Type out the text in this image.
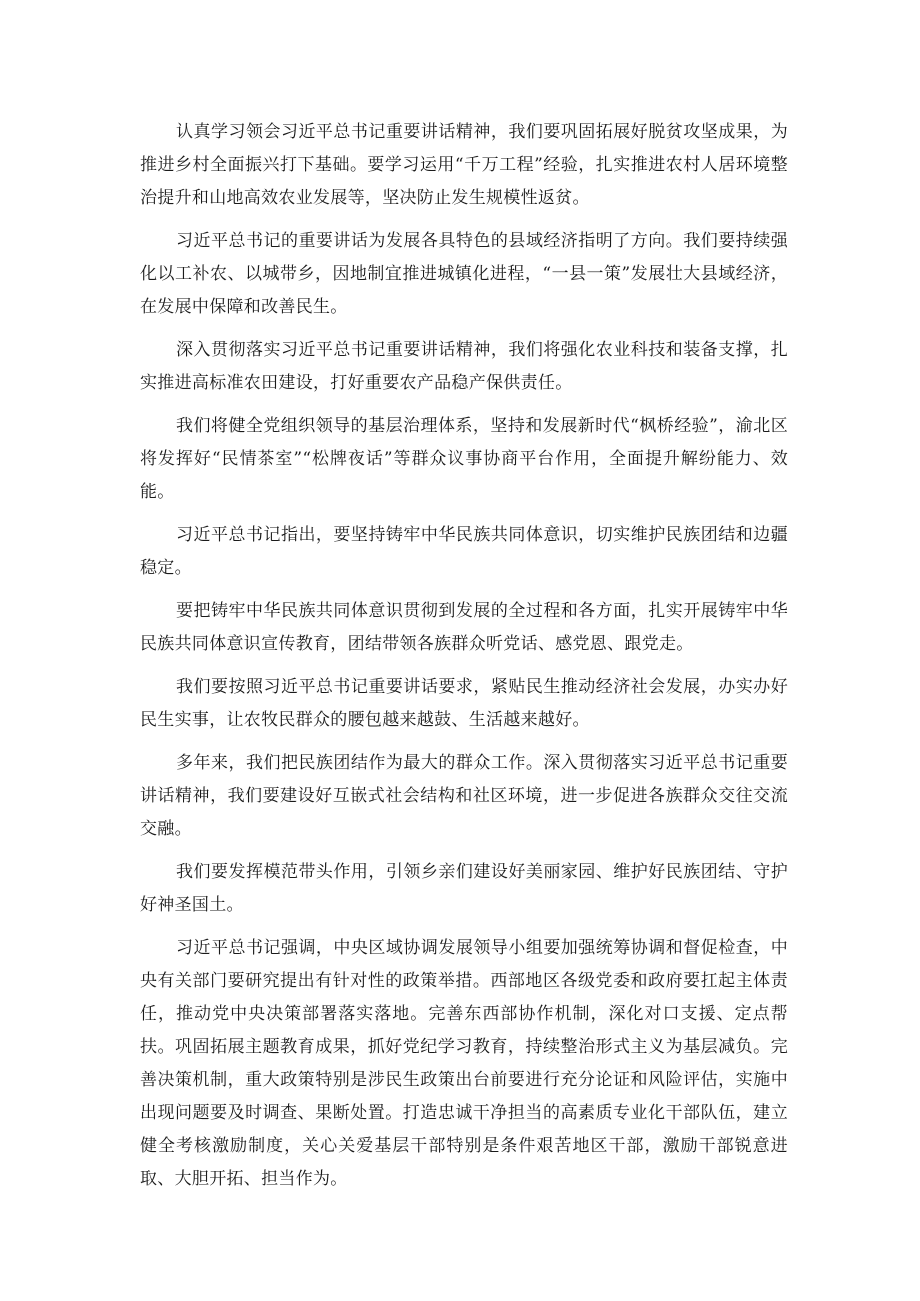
认真学习领会习近平总书记重要讲话精神，我们要巩固拓展好脱贫攻坚成果，为推进乡村全面振兴打下基础。要学习运用“千万工程”经验，扎实推进农村人居环境整治提升和山地高效农业发展等，坚决防止发生规模性返贫。

习近平总书记的重要讲话为发展各具特色的县域经济指明了方向。我们要持续强化以工补农、以城带乡，因地制宜推进城镇化进程，“一县一策”发展壮大县域经济，在发展中保障和改善民生。

深入贯彻落实习近平总书记重要讲话精神，我们将强化农业科技和装备支撑，扎实推进高标准农田建设，打好重要农产品稳产保供责任。

我们将健全党组织领导的基层治理体系，坚持和发展新时代“枫桥经验”，渝北区将发挥好“民情茶室”“松牌夜话”等群众议事协商平台作用，全面提升解纷能力、效能。

习近平总书记指出，要坚持铸牢中华民族共同体意识，切实维护民族团结和边疆稳定。

要把铸牢中华民族共同体意识贯彻到发展的全过程和各方面，扎实开展铸牢中华民族共同体意识宣传教育，团结带领各族群众听党话、感党恩、跟党走。

我们要按照习近平总书记重要讲话要求，紧贴民生推动经济社会发展，办实办好民生实事，让农牧民群众的腰包越来越鼓、生活越来越好。

多年来，我们把民族团结作为最大的群众工作。深入贯彻落实习近平总书记重要讲话精神，我们要建设好互嵌式社会结构和社区环境，进一步促进各族群众交往交流交融。

我们要发挥模范带头作用，引领乡亲们建设好美丽家园、维护好民族团结、守护好神圣国土。

习近平总书记强调，中央区域协调发展领导小组要加强统筹协调和督促检查，中央有关部门要研究提出有针对性的政策举措。西部地区各级党委和政府要扛起主体责任，推动党中央决策部署落实落地。完善东西部协作机制，深化对口支援、定点帮扶。巩固拓展主题教育成果，抓好党纪学习教育，持续整治形式主义为基层减负。完善决策机制，重大政策特别是涉民生政策出台前要进行充分论证和风险评估，实施中出现问题要及时调查、果断处置。打造忠诚干净担当的高素质专业化干部队伍，建立健全考核激励制度，关心关爱基层干部特别是条件艰苦地区干部，激励干部锐意进取、大胆开拓、担当作为。
